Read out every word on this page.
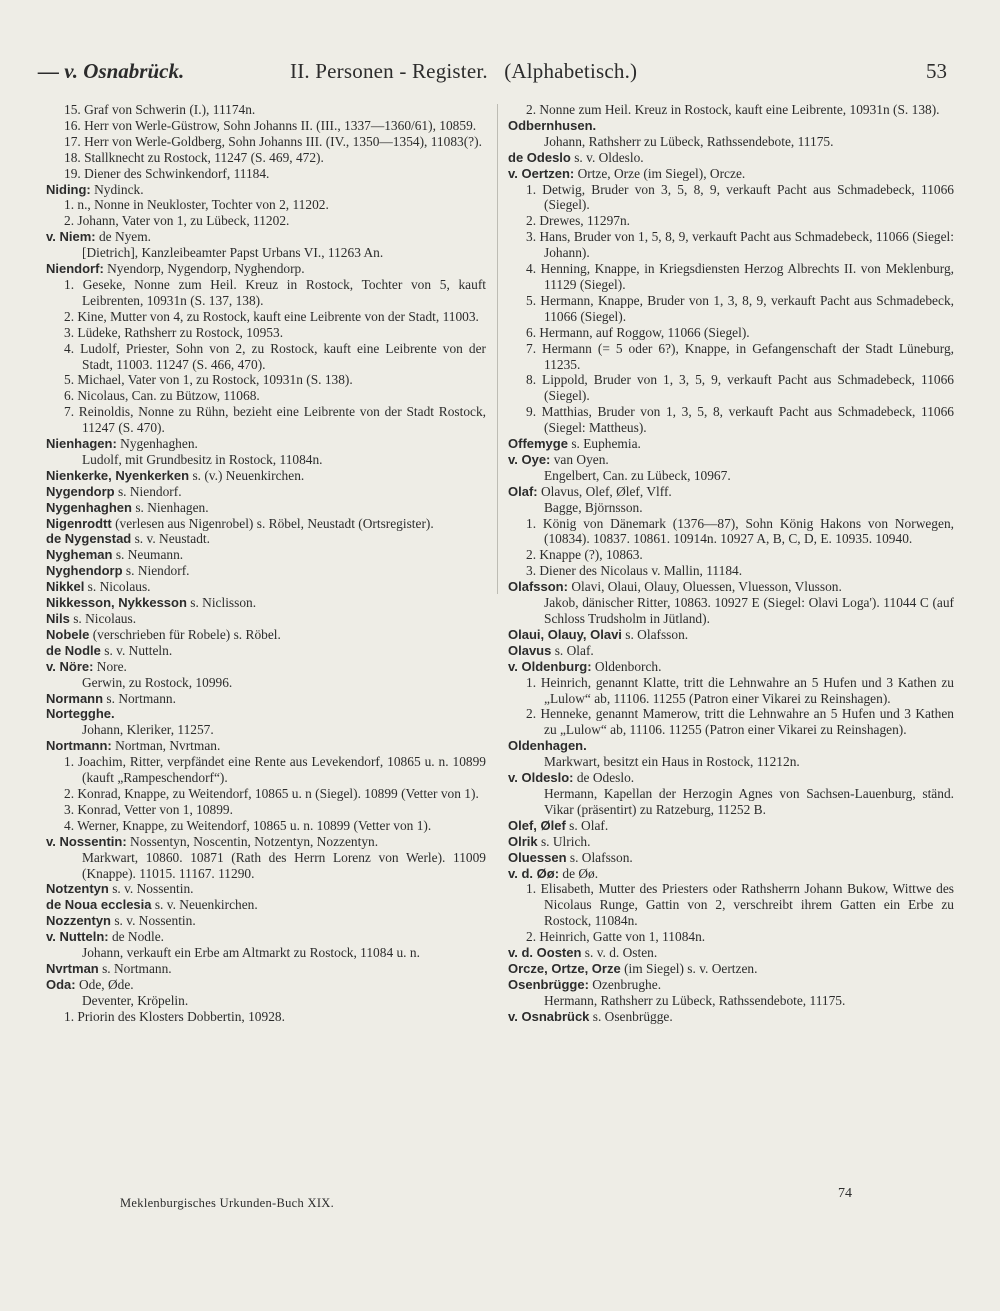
— v. Osnabrück.	II. Personen - Register.   (Alphabetisch.)	53
15. Graf von Schwerin (I.), 11174n.
16. Herr von Werle-Güstrow, Sohn Johanns II. (III., 1337—1360/61), 10859.
17. Herr von Werle-Goldberg, Sohn Johanns III. (IV., 1350—1354), 11083(?).
18. Stallknecht zu Rostock, 11247 (S. 469, 472).
19. Diener des Schwinkendorf, 11184.
Niding: Nydinck.
1. n., Nonne in Neukloster, Tochter von 2, 11202.
2. Johann, Vater von 1, zu Lübeck, 11202.
v. Niem: de Nyem.
[Dietrich], Kanzleibeamter Papst Urbans VI., 11263 An.
Niendorf: Nyendorp, Nygendorp, Nyghendorp.
1. Geseke, Nonne zum Heil. Kreuz in Rostock, Tochter von 5, kauft Leibrenten, 10931n (S. 137, 138).
2. Kine, Mutter von 4, zu Rostock, kauft eine Leibrente von der Stadt, 11003.
3. Lüdeke, Rathsherr zu Rostock, 10953.
4. Ludolf, Priester, Sohn von 2, zu Rostock, kauft eine Leibrente von der Stadt, 11003. 11247 (S. 466, 470).
5. Michael, Vater von 1, zu Rostock, 10931n (S. 138).
6. Nicolaus, Can. zu Bützow, 11068.
7. Reinoldis, Nonne zu Rühn, bezieht eine Leibrente von der Stadt Rostock, 11247 (S. 470).
Nienhagen: Nygenhaghen.
Ludolf, mit Grundbesitz in Rostock, 11084n.
Nienkerke, Nyenkerken s. (v.) Neuenkirchen.
Nygendorp s. Niendorf.
Nygenhaghen s. Nienhagen.
Nigenrodtt (verlesen aus Nigenrobel) s. Röbel, Neustadt (Ortsregister).
de Nygenstad s. v. Neustadt.
Nygheman s. Neumann.
Nyghendorp s. Niendorf.
Nikkel s. Nicolaus.
Nikkesson, Nykkesson s. Niclisson.
Nils s. Nicolaus.
Nobele (verschrieben für Robele) s. Röbel.
de Nodle s. v. Nutteln.
v. Nöre: Nore.
Gerwin, zu Rostock, 10996.
Normann s. Nortmann.
Nortegghe.
Johann, Kleriker, 11257.
Nortmann: Nortman, Nvrtman.
1. Joachim, Ritter, verpfändet eine Rente aus Levekendorf, 10865 u. n. 10899 (kauft „Rampeschendorf“).
2. Konrad, Knappe, zu Weitendorf, 10865 u. n (Siegel). 10899 (Vetter von 1).
3. Konrad, Vetter von 1, 10899.
4. Werner, Knappe, zu Weitendorf, 10865 u. n. 10899 (Vetter von 1).
v. Nossentin: Nossentyn, Noscentin, Notzentyn, Nozzentyn.
Markwart, 10860. 10871 (Rath des Herrn Lorenz von Werle). 11009 (Knappe). 11015. 11167. 11290.
Notzentyn s. v. Nossentin.
de Noua ecclesia s. v. Neuenkirchen.
Nozzentyn s. v. Nossentin.
v. Nutteln: de Nodle.
Johann, verkauft ein Erbe am Altmarkt zu Rostock, 11084 u. n.
Nvrtman s. Nortmann.
Oda: Ode, Øde.
Deventer, Kröpelin.
1. Priorin des Klosters Dobbertin, 10928.
2. Nonne zum Heil. Kreuz in Rostock, kauft eine Leibrente, 10931n (S. 138).
Odbernhusen.
Johann, Rathsherr zu Lübeck, Rathssendebote, 11175.
de Odeslo s. v. Oldeslo.
v. Oertzen: Ortze, Orze (im Siegel), Orcze.
1. Detwig, Bruder von 3, 5, 8, 9, verkauft Pacht aus Schmadebeck, 11066 (Siegel).
2. Drewes, 11297n.
3. Hans, Bruder von 1, 5, 8, 9, verkauft Pacht aus Schmadebeck, 11066 (Siegel: Johann).
4. Henning, Knappe, in Kriegsdiensten Herzog Albrechts II. von Meklenburg, 11129 (Siegel).
5. Hermann, Knappe, Bruder von 1, 3, 8, 9, verkauft Pacht aus Schmadebeck, 11066 (Siegel).
6. Hermann, auf Roggow, 11066 (Siegel).
7. Hermann (= 5 oder 6?), Knappe, in Gefangenschaft der Stadt Lüneburg, 11235.
8. Lippold, Bruder von 1, 3, 5, 9, verkauft Pacht aus Schmadebeck, 11066 (Siegel).
9. Matthias, Bruder von 1, 3, 5, 8, verkauft Pacht aus Schmadebeck, 11066 (Siegel: Mattheus).
Offemyge s. Euphemia.
v. Oye: van Oyen.
Engelbert, Can. zu Lübeck, 10967.
Olaf: Olavus, Olef, Ølef, Vlff.
Bagge, Björnsson.
1. König von Dänemark (1376—87), Sohn König Hakons von Norwegen, (10834). 10837. 10861. 10914n. 10927 A, B, C, D, E. 10935. 10940.
2. Knappe (?), 10863.
3. Diener des Nicolaus v. Mallin, 11184.
Olafsson: Olavi, Olaui, Olauy, Oluessen, Vluesson, Vlusson.
Jakob, dänischer Ritter, 10863. 10927 E (Siegel: Olavi Loga'). 11044 C (auf Schloss Trudsholm in Jütland).
Olaui, Olauy, Olavi s. Olafsson.
Olavus s. Olaf.
v. Oldenburg: Oldenborch.
1. Heinrich, genannt Klatte, tritt die Lehnwahre an 5 Hufen und 3 Kathen zu „Lulow“ ab, 11106. 11255 (Patron einer Vikarei zu Reinshagen).
2. Henneke, genannt Mamerow, tritt die Lehnwahre an 5 Hufen und 3 Kathen zu „Lulow“ ab, 11106. 11255 (Patron einer Vikarei zu Reinshagen).
Oldenhagen.
Markwart, besitzt ein Haus in Rostock, 11212n.
v. Oldeslo: de Odeslo.
Hermann, Kapellan der Herzogin Agnes von Sachsen-Lauenburg, ständ. Vikar (präsentirt) zu Ratzeburg, 11252 B.
Olef, Ølef s. Olaf.
Olrik s. Ulrich.
Oluessen s. Olafsson.
v. d. Øø: de Øø.
1. Elisabeth, Mutter des Priesters oder Rathsherrn Johann Bukow, Wittwe des Nicolaus Runge, Gattin von 2, verschreibt ihrem Gatten ein Erbe zu Rostock, 11084n.
2. Heinrich, Gatte von 1, 11084n.
v. d. Oosten s. v. d. Osten.
Orcze, Ortze, Orze (im Siegel) s. v. Oertzen.
Osenbrügge: Ozenbrughe.
Hermann, Rathsherr zu Lübeck, Rathssendebote, 11175.
v. Osnabrück s. Osenbrügge.
Meklenburgisches Urkunden-Buch XIX.
74
